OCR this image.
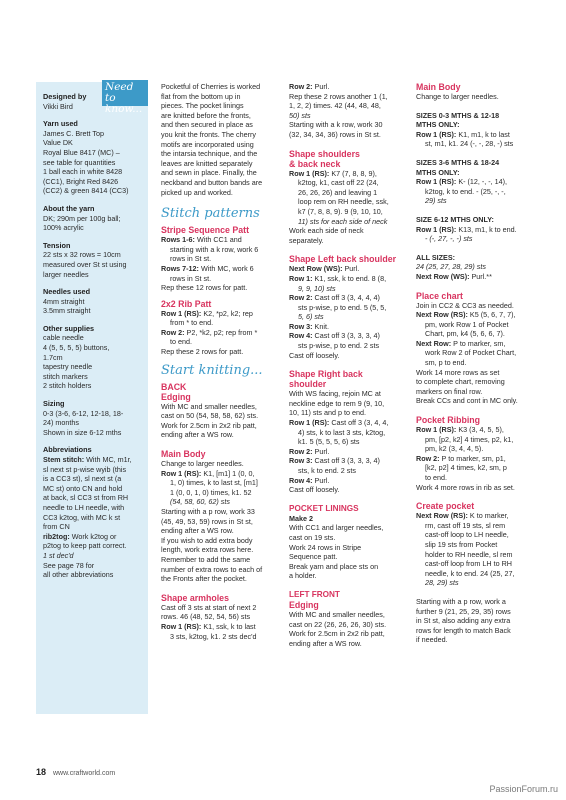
Need to know...
Designed by
Vikki Bird
Yarn used
James C. Brett Top
Value DK
Royal Blue 8417 (MC) –
see table for quantities
1 ball each in white 8428
(CC1), Bright Red 8426
(CC2) & green 8414 (CC3)
About the yarn
DK; 290m per 100g ball;
100% acrylic
Tension
22 sts x 32 rows = 10cm
measured over St st using
larger needles
Needles used
4mm straight
3.5mm straight
Other supplies
cable needle
4 (5, 5, 5, 5) buttons,
1.7cm
tapestry needle
stitch markers
2 stitch holders
Sizing
0-3 (3-6, 6-12, 12-18, 18-
24) months
Shown in size 6-12 mths
Abbreviations
Stem stitch: With MC, m1r,
sl next st p-wise wyib (this
is a CC3 st), sl next st (a
MC st) onto CN and hold
at back, sl CC3 st from RH
needle to LH needle, with
CC3 k2tog, with MC k st
from CN
rib2tog: Work k2tog or
p2tog to keep patt correct.
1 st dec'd
See page 78 for
all other abbreviations
Pocketful of Cherries is worked
flat from the bottom up in
pieces. The pocket linings
are knitted before the fronts,
and then secured in place as
you knit the fronts. The cherry
motifs are incorporated using
the intarsia technique, and the
leaves are knitted separately
and sewn in place. Finally, the
neckband and button bands are
picked up and worked.
Stitch patterns
Stripe Sequence Patt
Rows 1-6: With CC1 and
starting with a k row, work 6
rows in St st.
Rows 7-12: With MC, work 6
rows in St st.
Rep these 12 rows for patt.
2x2 Rib Patt
Row 1 (RS): K2, *p2, k2; rep
from * to end.
Row 2: P2, *k2, p2; rep from *
to end.
Rep these 2 rows for patt.
Start knitting...
BACK
Edging
With MC and smaller needles,
cast on 50 (54, 58, 58, 62) sts.
Work for 2.5cm in 2x2 rib patt,
ending after a WS row.
Main Body
Change to larger needles.
Row 1 (RS): K1, [m1] 1 (0, 0,
1, 0) times, k to last st, [m1]
1 (0, 0, 1, 0) times, k1. 52
(54, 58, 60, 62) sts
Starting with a p row, work 33
(45, 49, 53, 59) rows in St st,
ending after a WS row.
If you wish to add extra body
length, work extra rows here.
Remember to add the same
number of extra rows to each of
the Fronts after the pocket.
Shape armholes
Cast off 3 sts at start of next 2
rows. 46 (48, 52, 54, 56) sts
Row 1 (RS): K1, ssk, k to last
3 sts, k2tog, k1. 2 sts dec'd
Row 2: Purl.
Rep these 2 rows another 1 (1,
1, 2, 2) times. 42 (44, 48, 48,
50) sts
Starting with a k row, work 30
(32, 34, 34, 36) rows in St st.
Shape shoulders
& back neck
Row 1 (RS): K7 (7, 8, 8, 9),
k2tog, k1, cast off 22 (24,
26, 26, 26) and leaving 1
loop rem on RH needle, ssk,
k7 (7, 8, 8, 9). 9 (9, 10, 10,
11) sts for each side of neck
Work each side of neck
separately.
Shape Left back shoulder
Next Row (WS): Purl.
Row 1: K1, ssk, k to end. 8 (8,
9, 9, 10) sts
Row 2: Cast off 3 (3, 4, 4, 4)
sts p-wise, p to end. 5 (5, 5,
5, 6) sts
Row 3: Knit.
Row 4: Cast off 3 (3, 3, 3, 4)
sts p-wise, p to end. 2 sts
Cast off loosely.
Shape Right back
shoulder
With WS facing, rejoin MC at
neckline edge to rem 9 (9, 10,
10, 11) sts and p to end.
Row 1 (RS): Cast off 3 (3, 4, 4,
4) sts, k to last 3 sts, k2tog,
k1. 5 (5, 5, 5, 6) sts
Row 2: Purl.
Row 3: Cast off 3 (3, 3, 3, 4)
sts, k to end. 2 sts
Row 4: Purl.
Cast off loosely.
POCKET LININGS
Make 2
With CC1 and larger needles,
cast on 19 sts.
Work 24 rows in Stripe
Sequence patt.
Break yarn and place sts on
a holder.
LEFT FRONT
Edging
With MC and smaller needles,
cast on 22 (26, 26, 26, 30) sts.
Work for 2.5cm in 2x2 rib patt,
ending after a WS row.
Main Body
Change to larger needles.
SIZES 0-3 MTHS & 12-18
MTHS ONLY:
Row 1 (RS): K1, m1, k to last
st, m1, k1. 24 (-, -, 28, -) sts
SIZES 3-6 MTHS & 18-24
MTHS ONLY:
Row 1 (RS): K- (12, -, -, 14),
k2tog, k to end. - (25, -, -,
29) sts
SIZE 6-12 MTHS ONLY:
Row 1 (RS): K13, m1, k to end.
- (-, 27, -, -) sts
ALL SIZES:
24 (25, 27, 28, 29) sts
Next Row (WS): Purl.**
Place chart
Join in CC2 & CC3 as needed.
Next Row (RS): K5 (5, 6, 7, 7),
pm, work Row 1 of Pocket
Chart, pm, k4 (5, 6, 6, 7).
Next Row: P to marker, sm,
work Row 2 of Pocket Chart,
sm, p to end.
Work 14 more rows as set
to complete chart, removing
markers on final row.
Break CCs and cont in MC only.
Pocket Ribbing
Row 1 (RS): K3 (3, 4, 5, 5),
pm, [p2, k2] 4 times, p2, k1,
pm, k2 (3, 4, 4, 5).
Row 2: P to marker, sm, p1,
[k2, p2] 4 times, k2, sm, p
to end.
Work 4 more rows in rib as set.
Create pocket
Next Row (RS): K to marker,
rm, cast off 19 sts, sl rem
cast-off loop to LH needle,
slip 19 sts from Pocket
holder to RH needle, sl rem
cast-off loop from LH to RH
needle, k to end. 24 (25, 27,
28, 29) sts
Starting with a p row, work a
further 9 (21, 25, 29, 35) rows
in St st, also adding any extra
rows for length to match Back
if needed.
18 www.craftworld.com
PassionForum.ru
